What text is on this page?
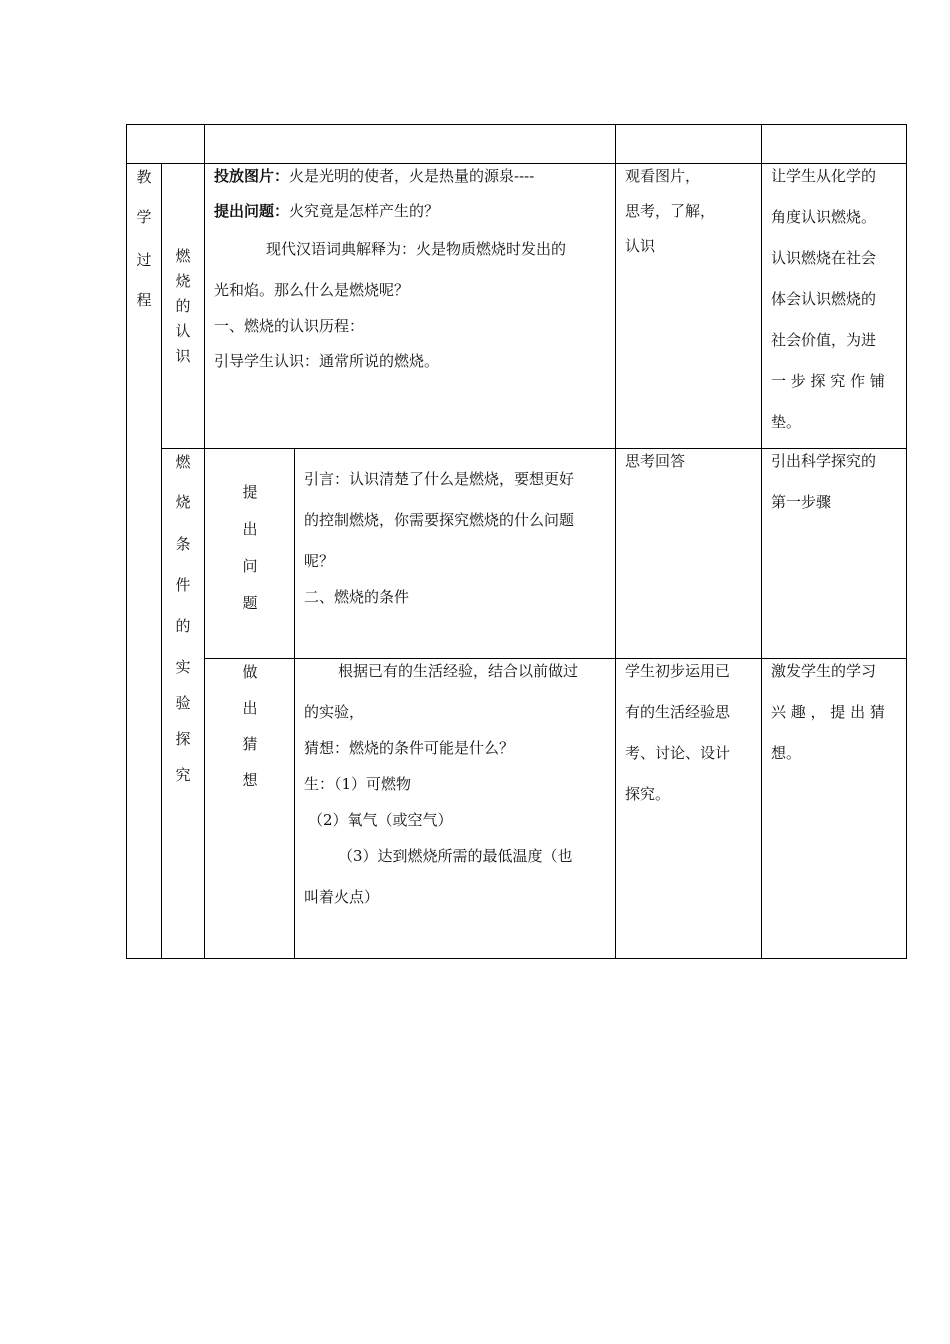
教
学
过
程
燃
烧
的
认
识
投放图片：火是光明的使者，火是热量的源泉----
提出问题：火究竟是怎样产生的？
现代汉语词典解释为：火是物质燃烧时发出的
光和焰。那么什么是燃烧呢？
一、燃烧的认识历程：
引导学生认识：通常所说的燃烧。
观看图片，
思考，了解，
认识
让学生从化学的
角度认识燃烧。
认识燃烧在社会
体会认识燃烧的
社会价值，为进
一 步 探 究 作 铺
垫。
燃
烧
条
件
的
实
验
探
究
提
出
问
题
引言：认识清楚了什么是燃烧，要想更好
的控制燃烧，你需要探究燃烧的什么问题
呢？
二、燃烧的条件
思考回答	引出科学探究的
第一步骤
做
出
猜
想
根据已有的生活经验，结合以前做过
的实验，
猜想：燃烧的条件可能是什么？
生：（1）可燃物
（2）氧气（或空气）
（3）达到燃烧所需的最低温度（也
叫着火点）
学生初步运用已
有的生活经验思
考、讨论、设计
探究。
激发学生的学习
兴 趣 ， 提 出 猜
想。
